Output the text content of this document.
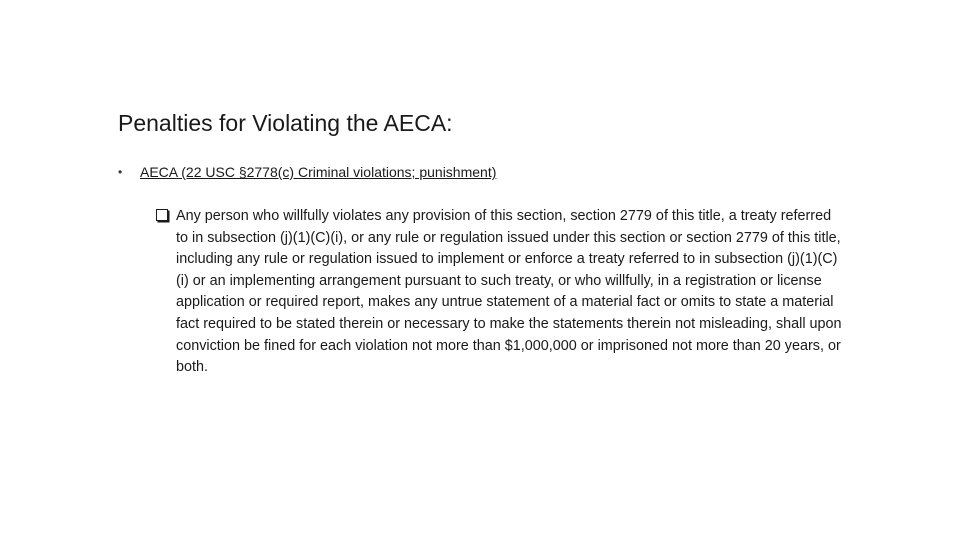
Penalties for Violating the AECA:
•	AECA (22 USC §2778(c) Criminal violations; punishment)
Any person who willfully violates any provision of this section, section 2779 of this title, a treaty referred to in subsection (j)(1)(C)(i), or any rule or regulation issued under this section or section 2779 of this title, including any rule or regulation issued to implement or enforce a treaty referred to in subsection (j)(1)(C)(i) or an implementing arrangement pursuant to such treaty, or who willfully, in a registration or license application or required report, makes any untrue statement of a material fact or omits to state a material fact required to be stated therein or necessary to make the statements therein not misleading, shall upon conviction be fined for each violation not more than $1,000,000 or imprisoned not more than 20 years, or both.
